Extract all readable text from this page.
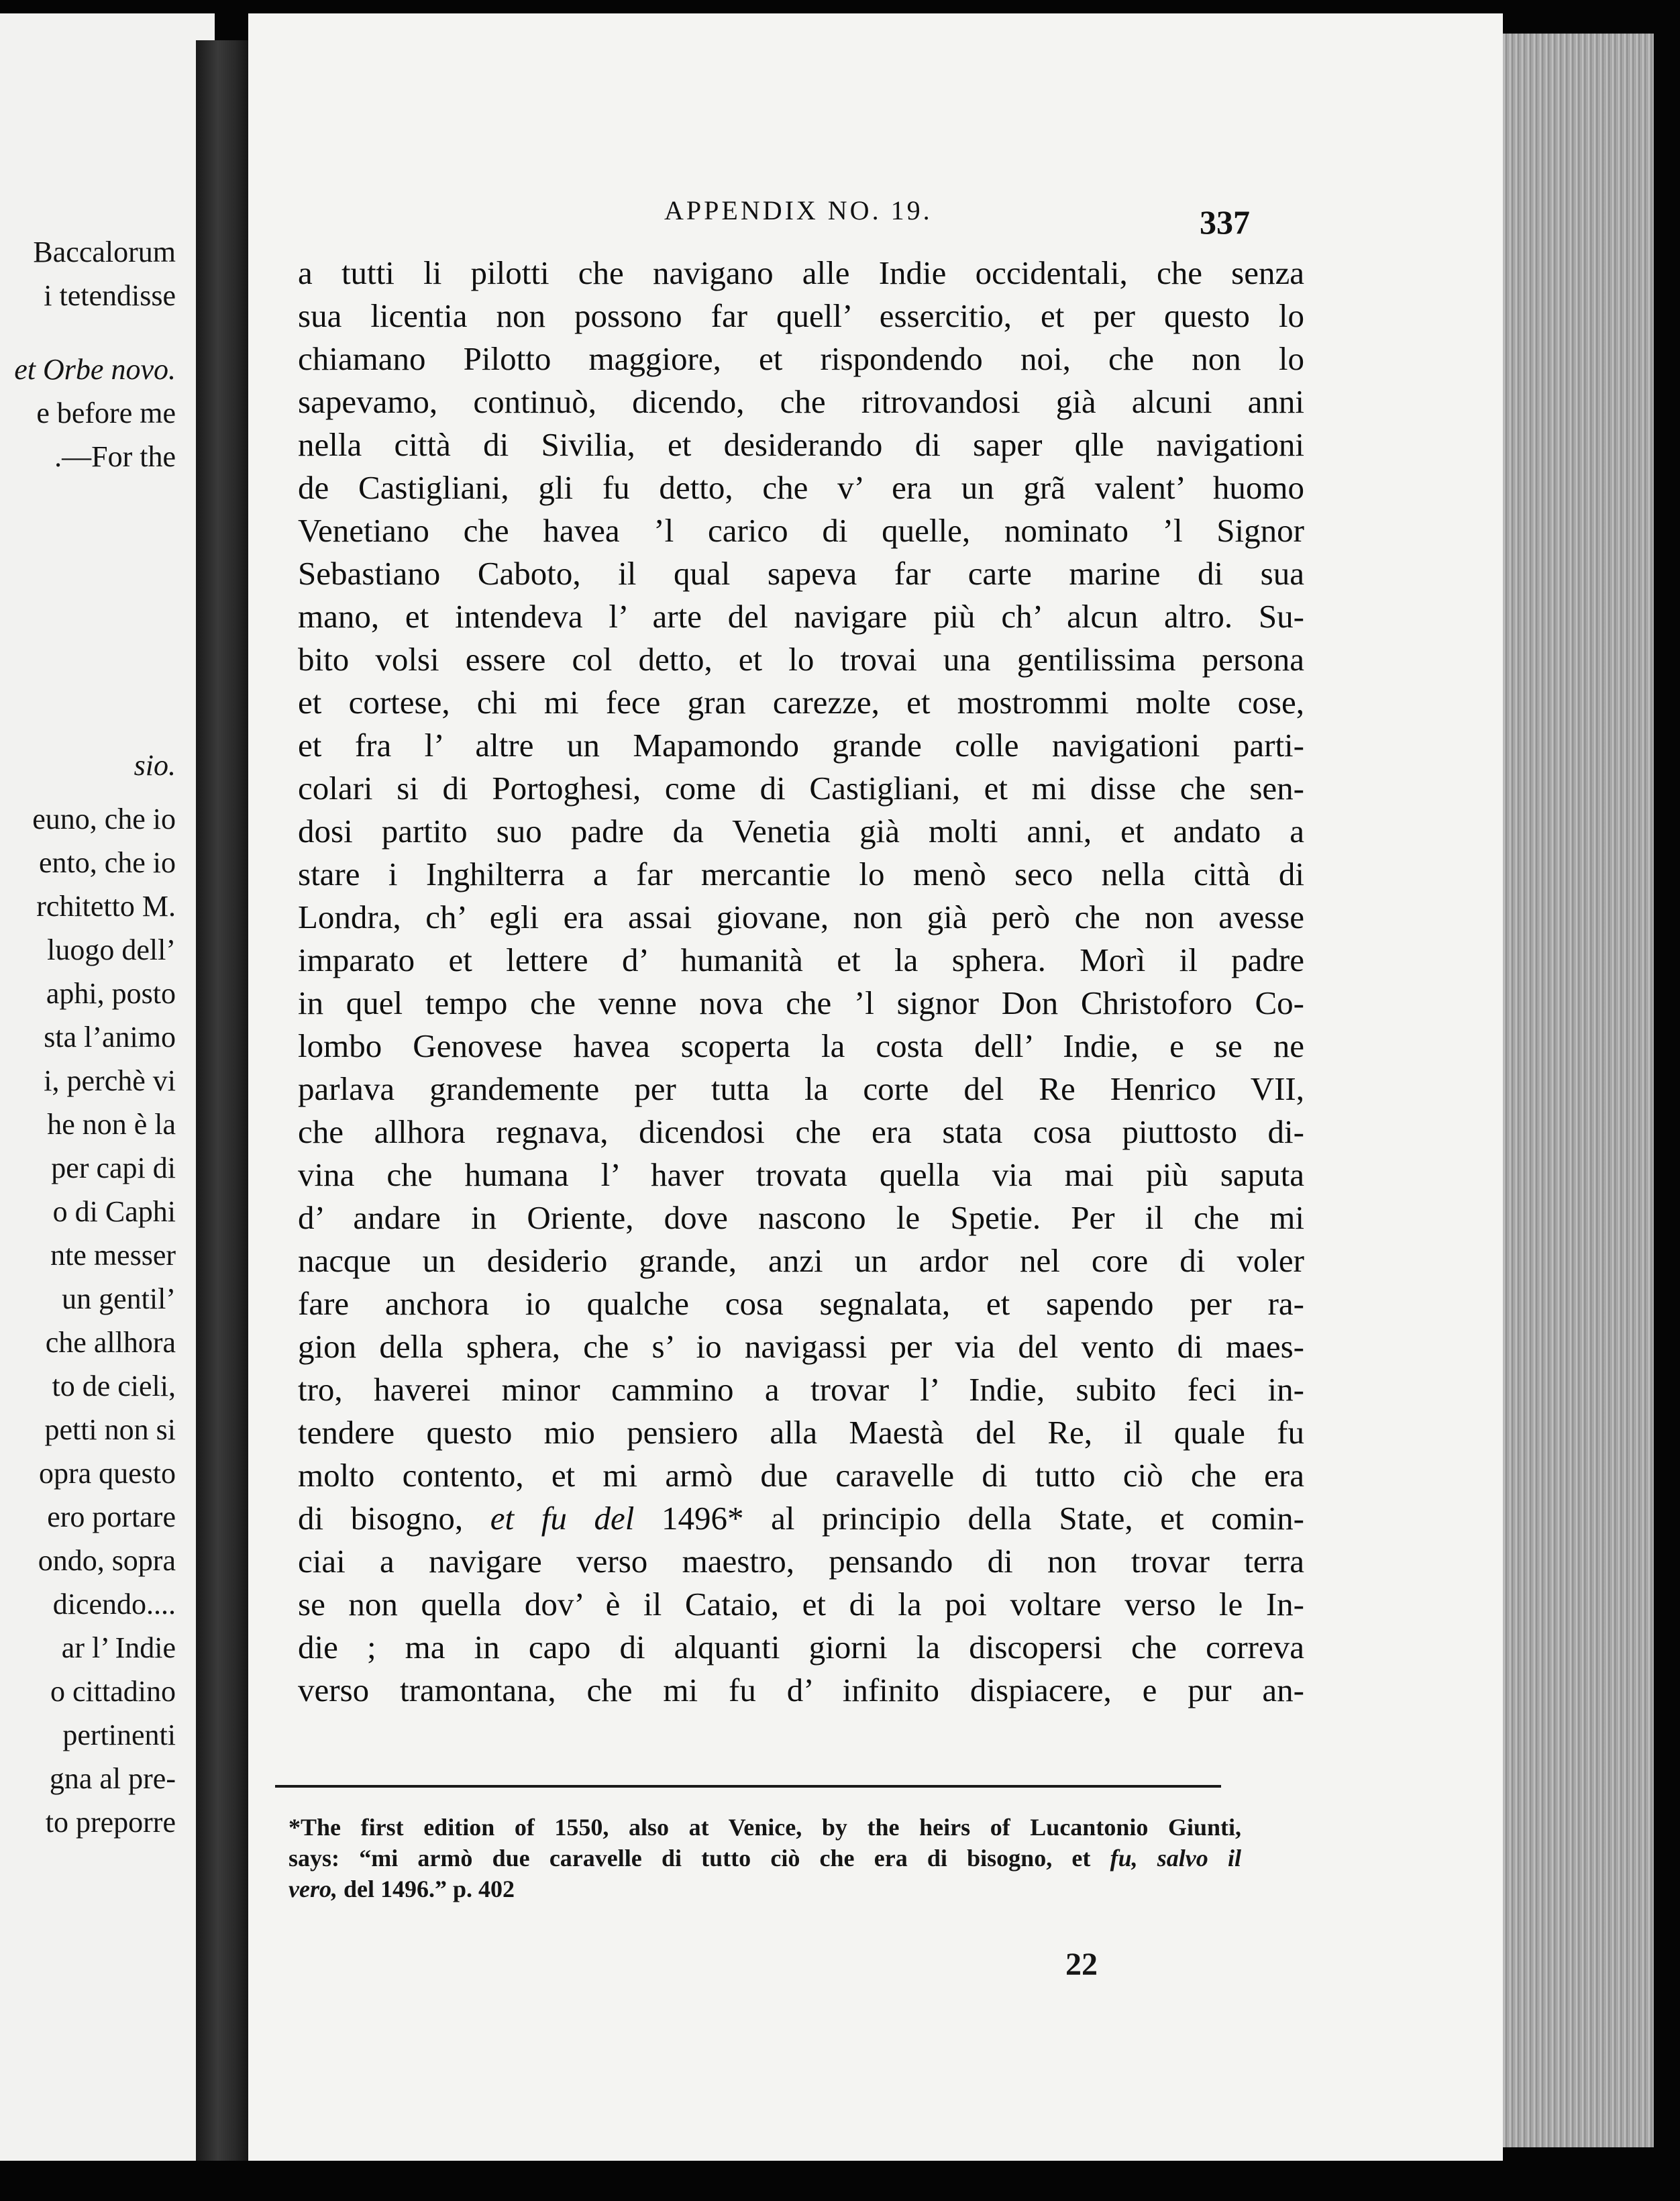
Baccalorum
i tetendisse
et Orbe novo.
e before me
.—For the
sio.
euno, che io
ento, che io
rchitetto M.
luogo dell’
aphi, posto
sta l’animo
i, perchè vi
he non è la
per capi di
o di Caphi
nte messer
un gentil’
che allhora
to de cieli,
petti non si
opra questo
ero portare
ondo, sopra
dicendo....
ar l’ Indie
o cittadino
pertinenti
gna al pre-
to preporre
APPENDIX NO. 19.	337
a tutti li pilotti che navigano alle Indie occidentali, che senza
sua licentia non possono far quell’ essercitio, et per questo lo
chiamano Pilotto maggiore, et rispondendo noi, che non lo
sapevamo, continuò, dicendo, che ritrovandosi già alcuni anni
nella città di Sivilia, et desiderando di saper qlle navigationi
de Castigliani, gli fu detto, che v’ era un grã valent’ huomo
Venetiano che havea ’l carico di quelle, nominato ’l Signor
Sebastiano Caboto, il qual sapeva far carte marine di sua
mano, et intendeva l’ arte del navigare più ch’ alcun altro. Su-
bito volsi essere col detto, et lo trovai una gentilissima persona
et cortese, chi mi fece gran carezze, et mostrommi molte cose,
et fra l’ altre un Mapamondo grande colle navigationi parti-
colari si di Portoghesi, come di Castigliani, et mi disse che sen-
dosi partito suo padre da Venetia già molti anni, et andato a
stare i Inghilterra a far mercantie lo menò seco nella città di
Londra, ch’ egli era assai giovane, non già però che non avesse
imparato et lettere d’ humanità et la sphera. Morì il padre
in quel tempo che venne nova che ’l signor Don Christoforo Co-
lombo Genovese havea scoperta la costa dell’ Indie, e se ne
parlava grandemente per tutta la corte del Re Henrico VII,
che allhora regnava, dicendosi che era stata cosa piuttosto di-
vina che humana l’ haver trovata quella via mai più saputa
d’ andare in Oriente, dove nascono le Spetie. Per il che mi
nacque un desiderio grande, anzi un ardor nel core di voler
fare anchora io qualche cosa segnalata, et sapendo per ra-
gion della sphera, che s’ io navigassi per via del vento di maes-
tro, haverei minor cammino a trovar l’ Indie, subito feci in-
tendere questo mio pensiero alla Maestà del Re, il quale fu
molto contento, et mi armò due caravelle di tutto ciò che era
di bisogno, et fu del 1496* al principio della State, et comin-
ciai a navigare verso maestro, pensando di non trovar terra
se non quella dov’ è il Cataio, et di la poi voltare verso le In-
die ; ma in capo di alquanti giorni la discopersi che correva
verso tramontana, che mi fu d’ infinito dispiacere, e pur an-
*The first edition of 1550, also at Venice, by the heirs of Lucantonio Giunti,
says: “mi armò due caravelle di tutto ciò che era di bisogno, et fu, salvo il
vero, del 1496.” p. 402
22
